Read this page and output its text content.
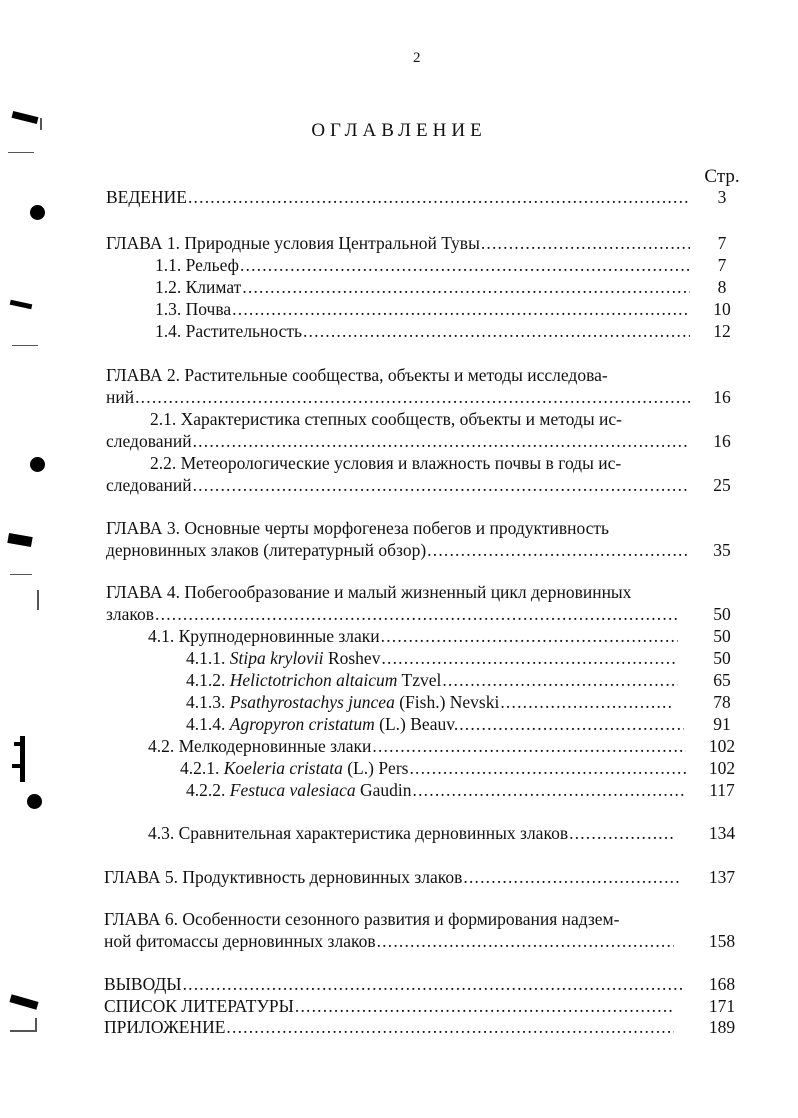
2
ОГЛАВЛЕНИЕ
Стр.
ВЕДЕНИЕ .....	3
ГЛАВА 1. Природные условия Центральной Тувы .....	7
1.1. Рельеф .....	7
1.2. Климат .....	8
1.3. Почва .....	10
1.4. Растительность .....	12
ГЛАВА 2. Растительные сообщества, объекты и методы исследова-
ний .....	16
2.1. Характеристика степных сообществ, объекты и методы ис-
следований .....	16
2.2. Метеорологические условия и влажность почвы в годы ис-
следований .....	25
ГЛАВА 3. Основные черты морфогенеза побегов и продуктивность
дерновинных злаков (литературный обзор) .....	35
ГЛАВА 4. Побегообразование и малый жизненный цикл дерновинных
злаков .....	50
4.1. Крупнодерновинные злаки .....	50
4.1.1. Stipa krylovii Roshev .....	50
4.1.2. Helictotrichon altaicum Tzvel .....	65
4.1.3. Psathyrostachys juncea (Fish.) Nevski .....	78
4.1.4. Agropyron cristatum (L.) Beauv. .....	91
4.2. Мелкодерновинные злаки .....	102
4.2.1. Koeleria cristata (L.) Pers .....	102
4.2.2. Festuca valesiaca Gaudin .....	117
4.3. Сравнительная характеристика дерновинных злаков .....	134
ГЛАВА 5. Продуктивность дерновинных злаков .....	137
ГЛАВА 6. Особенности сезонного развития и формирования надзем-
ной фитомассы дерновинных злаков .....	158
ВЫВОДЫ .....	168
СПИСОК ЛИТЕРАТУРЫ .....	171
ПРИЛОЖЕНИЕ .....	189
